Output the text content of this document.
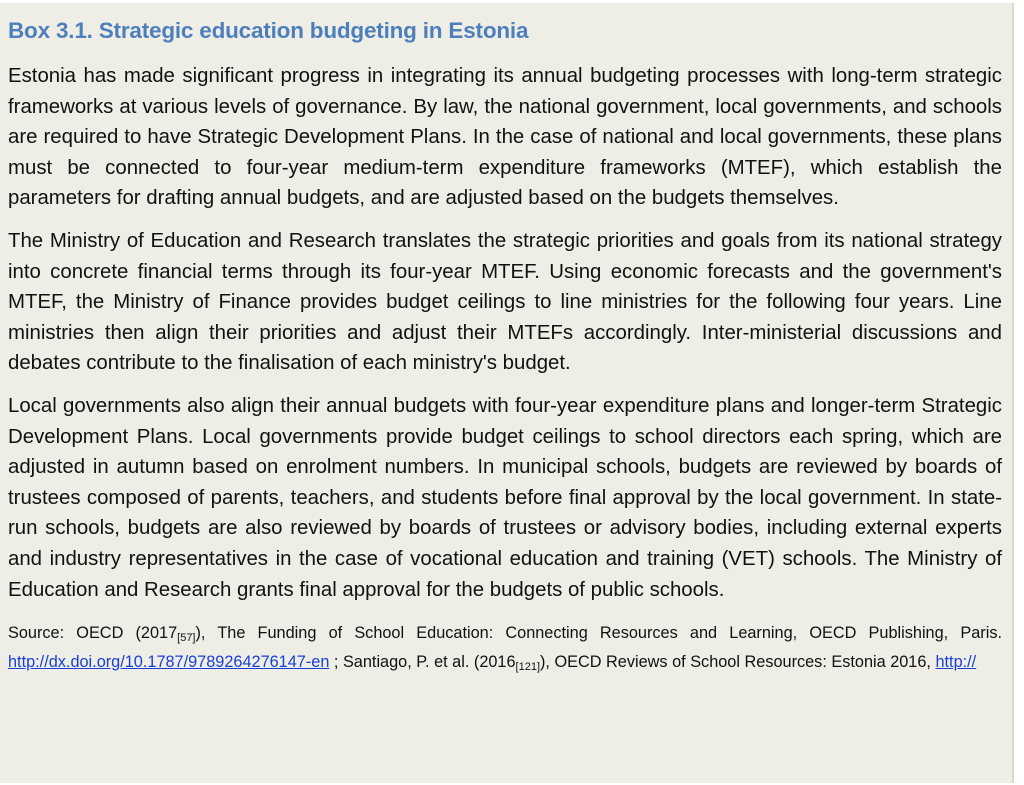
Box 3.1. Strategic education budgeting in Estonia

Estonia has made significant progress in integrating its annual budgeting processes with long-term strategic frameworks at various levels of governance. By law, the national government, local governments, and schools are required to have Strategic Development Plans. In the case of national and local governments, these plans must be connected to four-year medium-term expenditure frameworks (MTEF), which establish the parameters for drafting annual budgets, and are adjusted based on the budgets themselves.

The Ministry of Education and Research translates the strategic priorities and goals from its national strategy into concrete financial terms through its four-year MTEF. Using economic forecasts and the government's MTEF, the Ministry of Finance provides budget ceilings to line ministries for the following four years. Line ministries then align their priorities and adjust their MTEFs accordingly. Inter-ministerial discussions and debates contribute to the finalisation of each ministry's budget.

Local governments also align their annual budgets with four-year expenditure plans and longer-term Strategic Development Plans. Local governments provide budget ceilings to school directors each spring, which are adjusted in autumn based on enrolment numbers. In municipal schools, budgets are reviewed by boards of trustees composed of parents, teachers, and students before final approval by the local government. In state-run schools, budgets are also reviewed by boards of trustees or advisory bodies, including external experts and industry representatives in the case of vocational education and training (VET) schools. The Ministry of Education and Research grants final approval for the budgets of public schools.

Source: OECD $(2017_{[57]})$, The Funding of School Education: Connecting Resources and Learning, OECD Publishing, Paris. http://dx.doi.org/10.1787/9789264276147-en ; Santiago, P. et al. $(2016_{[121]})$, OECD Reviews of School Resources: Estonia 2016, http://
